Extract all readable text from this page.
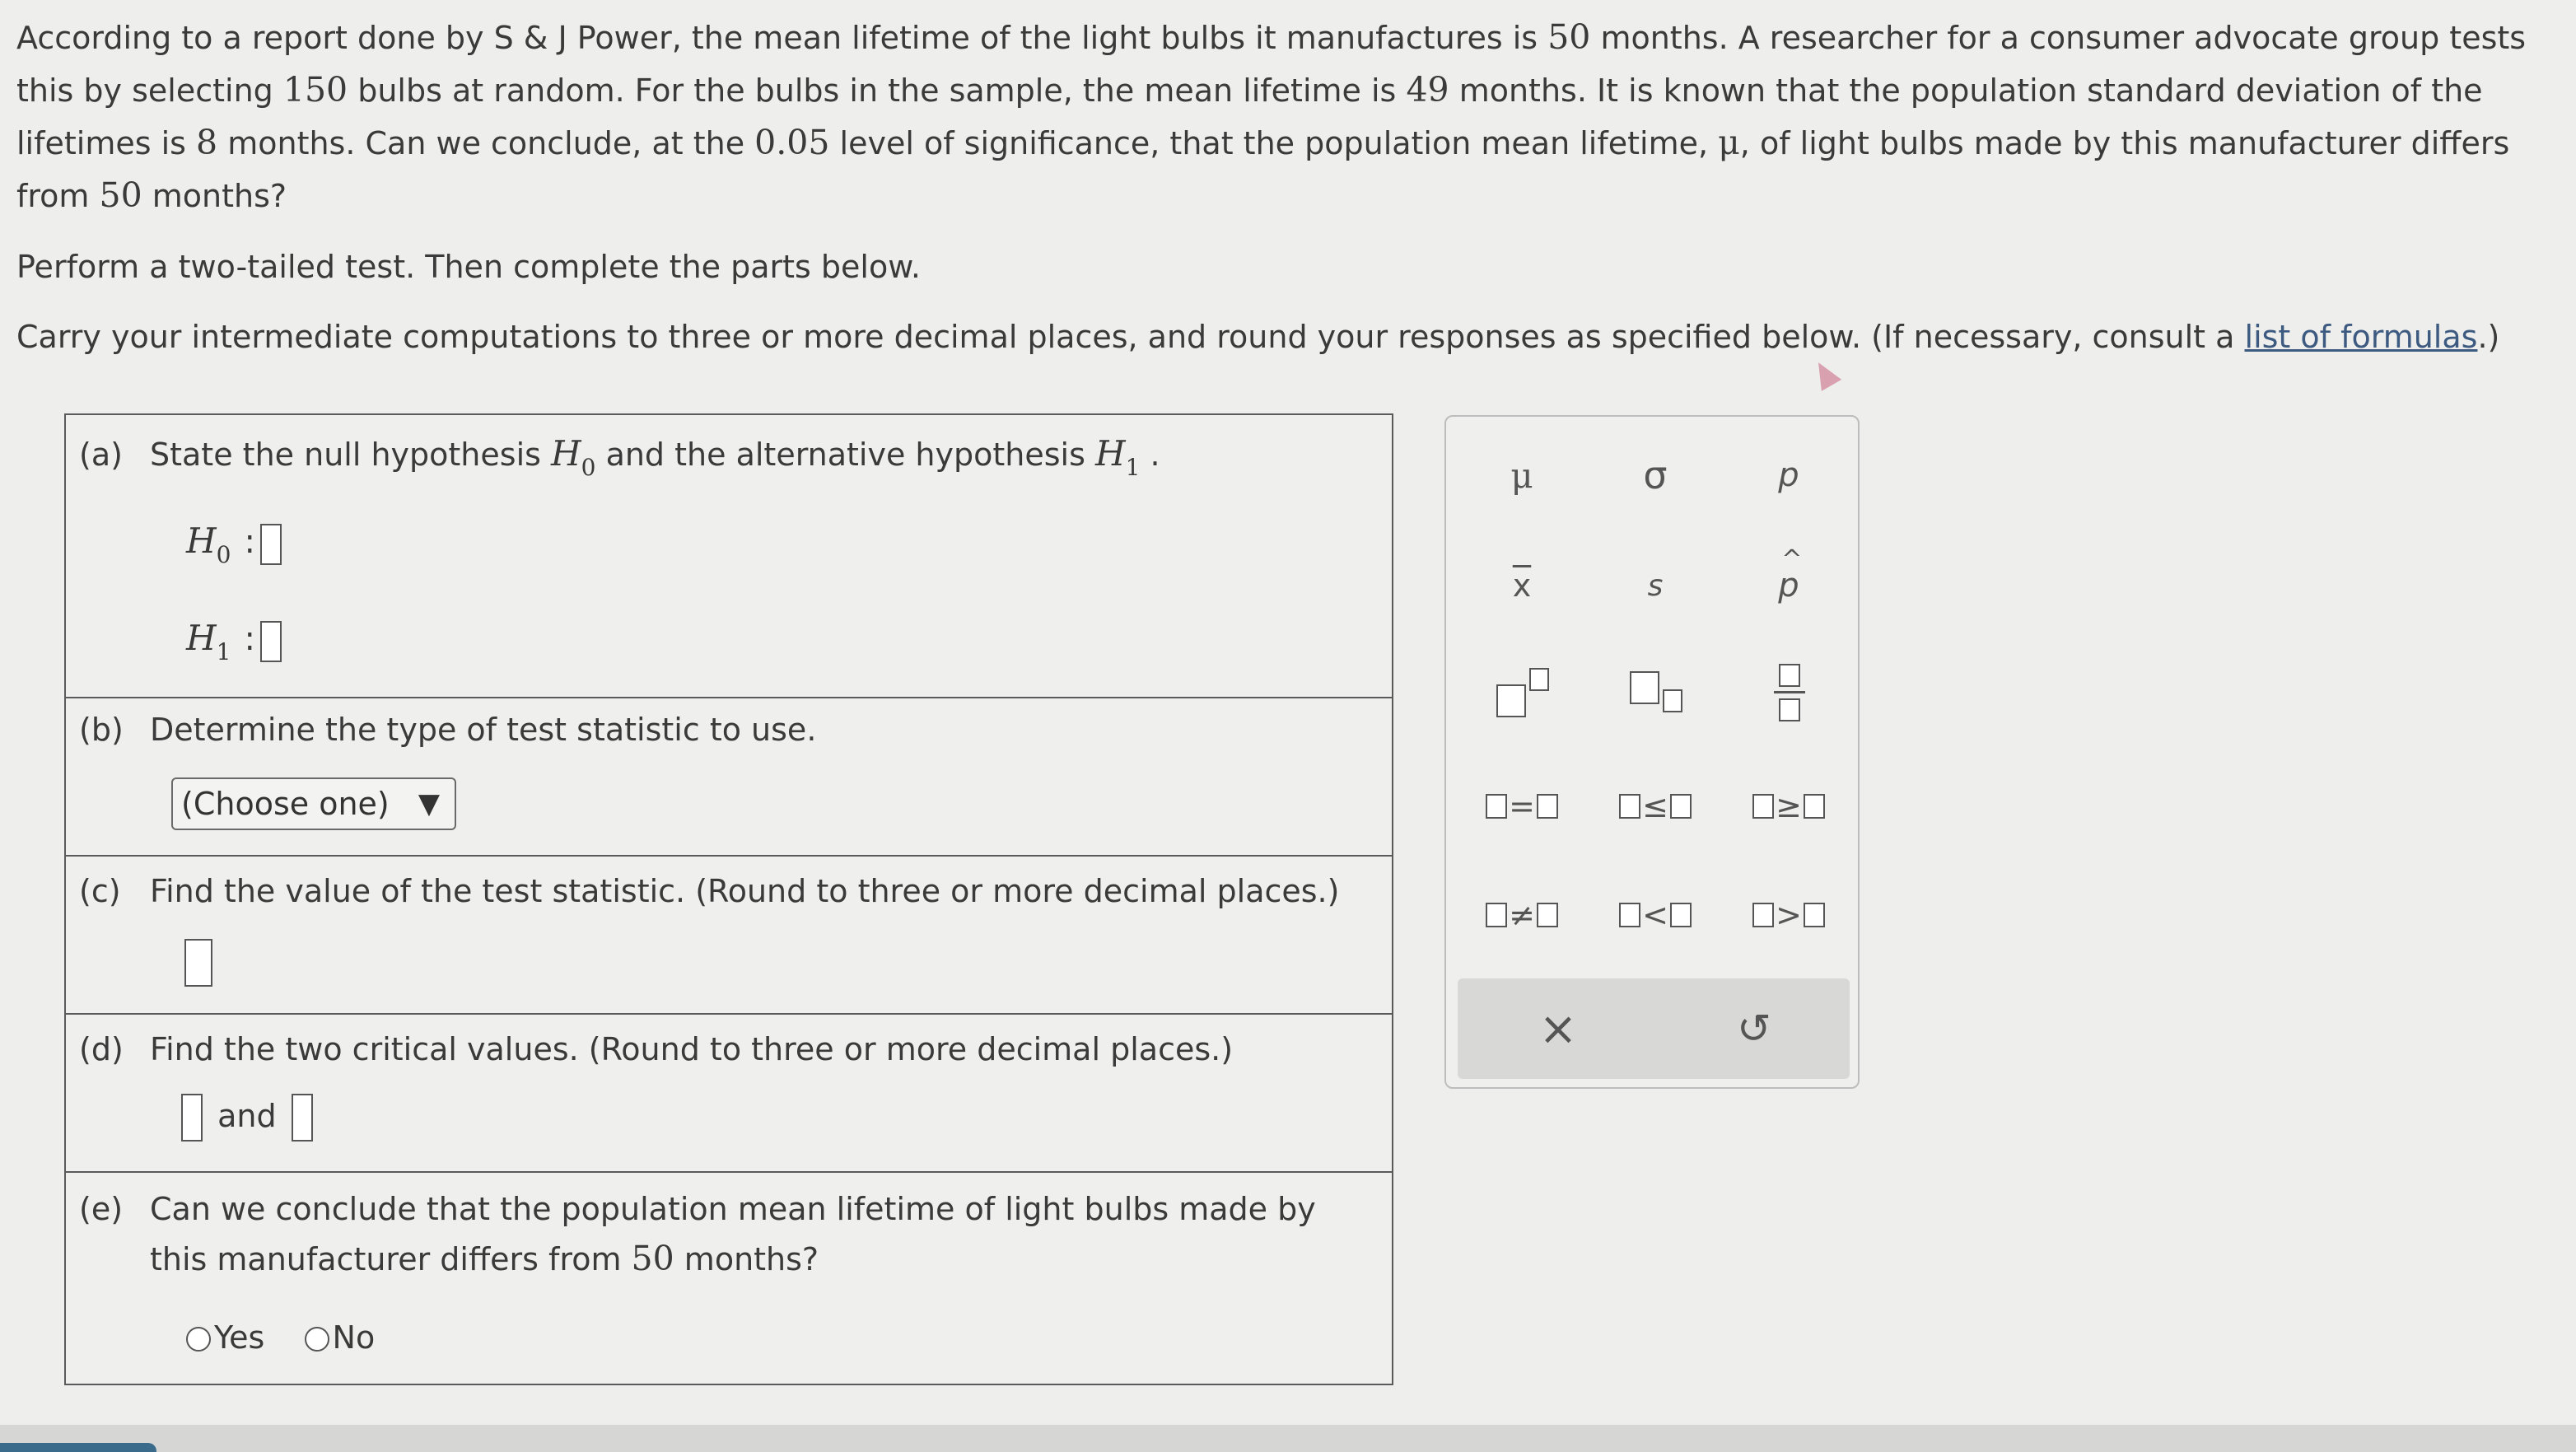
According to a report done by S & J Power, the mean lifetime of the light bulbs it manufactures is 50 months. A researcher for a consumer advocate group tests this by selecting 150 bulbs at random. For the bulbs in the sample, the mean lifetime is 49 months. It is known that the population standard deviation of the lifetimes is 8 months. Can we conclude, at the 0.05 level of significance, that the population mean lifetime, μ, of light bulbs made by this manufacturer differs from 50 months?

Perform a two-tailed test. Then complete the parts below.
Carry your intermediate computations to three or more decimal places, and round your responses as specified below. (If necessary, consult a list of formulas.)
(a) State the null hypothesis $H_0$ and the alternative hypothesis $H_1$ .
$H_0$ :
$H_1$ :
(b) Determine the type of test statistic to use.
(Choose one) ▼
(c) Find the value of the test statistic. (Round to three or more decimal places.)
(d) Find the two critical values. (Round to three or more decimal places.)
and
(e) Can we conclude that the population mean lifetime of light bulbs made by
this manufacturer differs from 50 months?
Yes No
μ	σ	p
$\overline{x}$	s	p
^
=	≤	≥
≠	<	>
×	↺
